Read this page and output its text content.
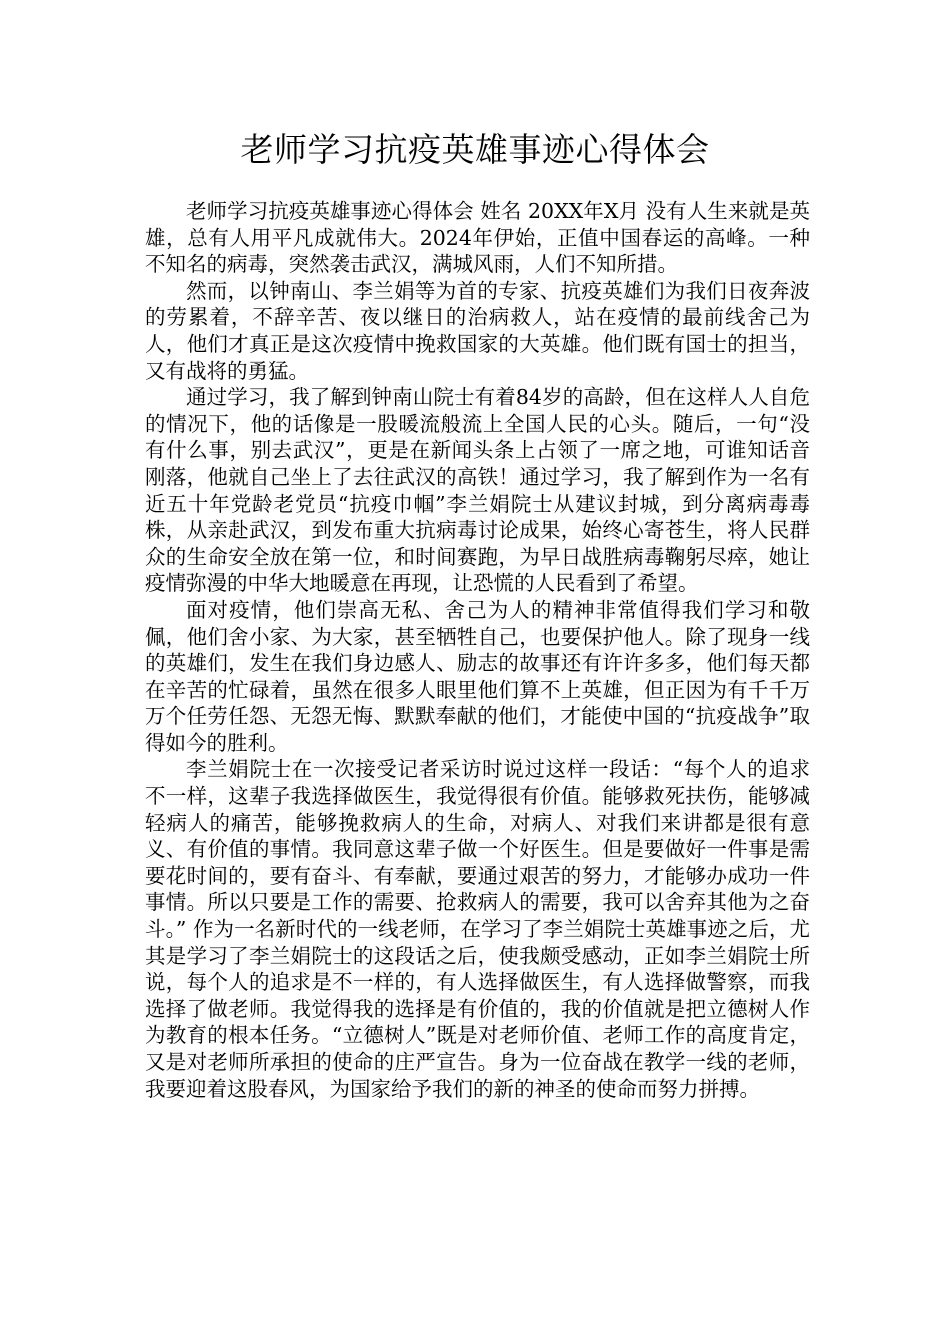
老师学习抗疫英雄事迹心得体会

老师学习抗疫英雄事迹心得体会 姓名 20XX年X月 没有人生来就是英雄，总有人用平凡成就伟大。2024年伊始，正值中国春运的高峰。一种不知名的病毒，突然袭击武汉，满城风雨，人们不知所措。

然而，以钟南山、李兰娟等为首的专家、抗疫英雄们为我们日夜奔波的劳累着，不辞辛苦、夜以继日的治病救人，站在疫情的最前线舍己为人，他们才真正是这次疫情中挽救国家的大英雄。他们既有国士的担当，又有战将的勇猛。

通过学习，我了解到钟南山院士有着84岁的高龄，但在这样人人自危的情况下，他的话像是一股暖流般流上全国人民的心头。随后，一句“没有什么事，别去武汉”，更是在新闻头条上占领了一席之地，可谁知话音刚落，他就自己坐上了去往武汉的高铁！通过学习，我了解到作为一名有近五十年党龄老党员“抗疫巾帼”李兰娟院士从建议封城，到分离病毒毒株，从亲赴武汉，到发布重大抗病毒讨论成果，始终心寄苍生，将人民群众的生命安全放在第一位，和时间赛跑，为早日战胜病毒鞠躬尽瘁，她让疫情弥漫的中华大地暖意在再现，让恐慌的人民看到了希望。

面对疫情，他们崇高无私、舍己为人的精神非常值得我们学习和敬佩，他们舍小家、为大家，甚至牺牲自己，也要保护他人。除了现身一线的英雄们，发生在我们身边感人、励志的故事还有许许多多，他们每天都在辛苦的忙碌着，虽然在很多人眼里他们算不上英雄，但正因为有千千万万个任劳任怨、无怨无悔、默默奉献的他们，才能使中国的“抗疫战争”取得如今的胜利。

李兰娟院士在一次接受记者采访时说过这样一段话：“每个人的追求不一样，这辈子我选择做医生，我觉得很有价值。能够救死扶伤，能够减轻病人的痛苦，能够挽救病人的生命，对病人、对我们来讲都是很有意义、有价值的事情。我同意这辈子做一个好医生。但是要做好一件事是需要花时间的，要有奋斗、有奉献，要通过艰苦的努力，才能够办成功一件事情。所以只要是工作的需要、抢救病人的需要，我可以舍弃其他为之奋斗。” 作为一名新时代的一线老师，在学习了李兰娟院士英雄事迹之后，尤其是学习了李兰娟院士的这段话之后，使我颇受感动，正如李兰娟院士所说，每个人的追求是不一样的，有人选择做医生，有人选择做警察，而我选择了做老师。我觉得我的选择是有价值的，我的价值就是把立德树人作为教育的根本任务。“立德树人”既是对老师价值、老师工作的高度肯定，又是对老师所承担的使命的庄严宣告。身为一位奋战在教学一线的老师，我要迎着这股春风，为国家给予我们的新的神圣的使命而努力拼搏。
